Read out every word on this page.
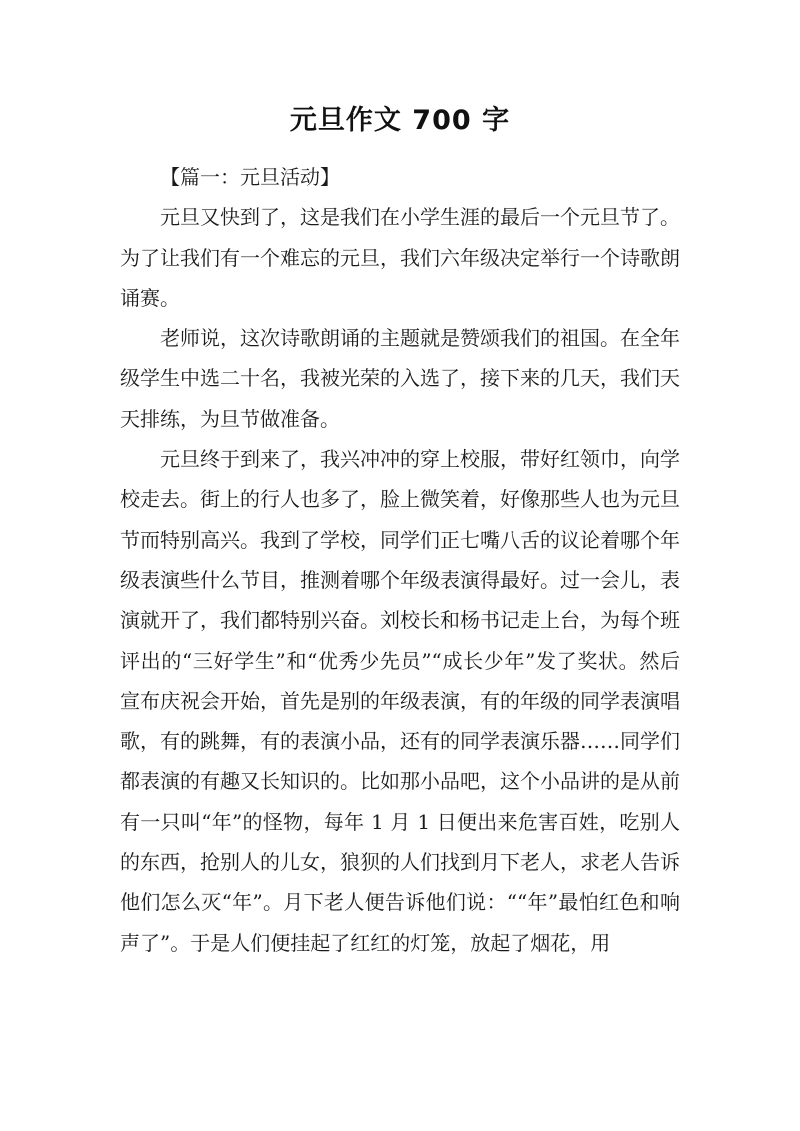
元旦作文 700 字

【篇一：元旦活动】

元旦又快到了，这是我们在小学生涯的最后一个元旦节了。为了让我们有一个难忘的元旦，我们六年级决定举行一个诗歌朗诵赛。

老师说，这次诗歌朗诵的主题就是赞颂我们的祖国。在全年级学生中选二十名，我被光荣的入选了，接下来的几天，我们天天排练，为旦节做准备。

元旦终于到来了，我兴冲冲的穿上校服，带好红领巾，向学校走去。街上的行人也多了，脸上微笑着，好像那些人也为元旦节而特别高兴。我到了学校，同学们正七嘴八舌的议论着哪个年级表演些什么节目，推测着哪个年级表演得最好。过一会儿，表演就开了，我们都特别兴奋。刘校长和杨书记走上台，为每个班评出的“三好学生”和“优秀少先员”“成长少年”发了奖状。然后宣布庆祝会开始，首先是别的年级表演，有的年级的同学表演唱歌，有的跳舞，有的表演小品，还有的同学表演乐器……同学们都表演的有趣又长知识的。比如那小品吧，这个小品讲的是从前有一只叫“年”的怪物，每年 1 月 1 日便出来危害百姓，吃别人的东西，抢别人的儿女，狼狈的人们找到月下老人，求老人告诉他们怎么灭“年”。月下老人便告诉他们说：““年”最怕红色和响声了”。于是人们便挂起了红红的灯笼，放起了烟花，用
